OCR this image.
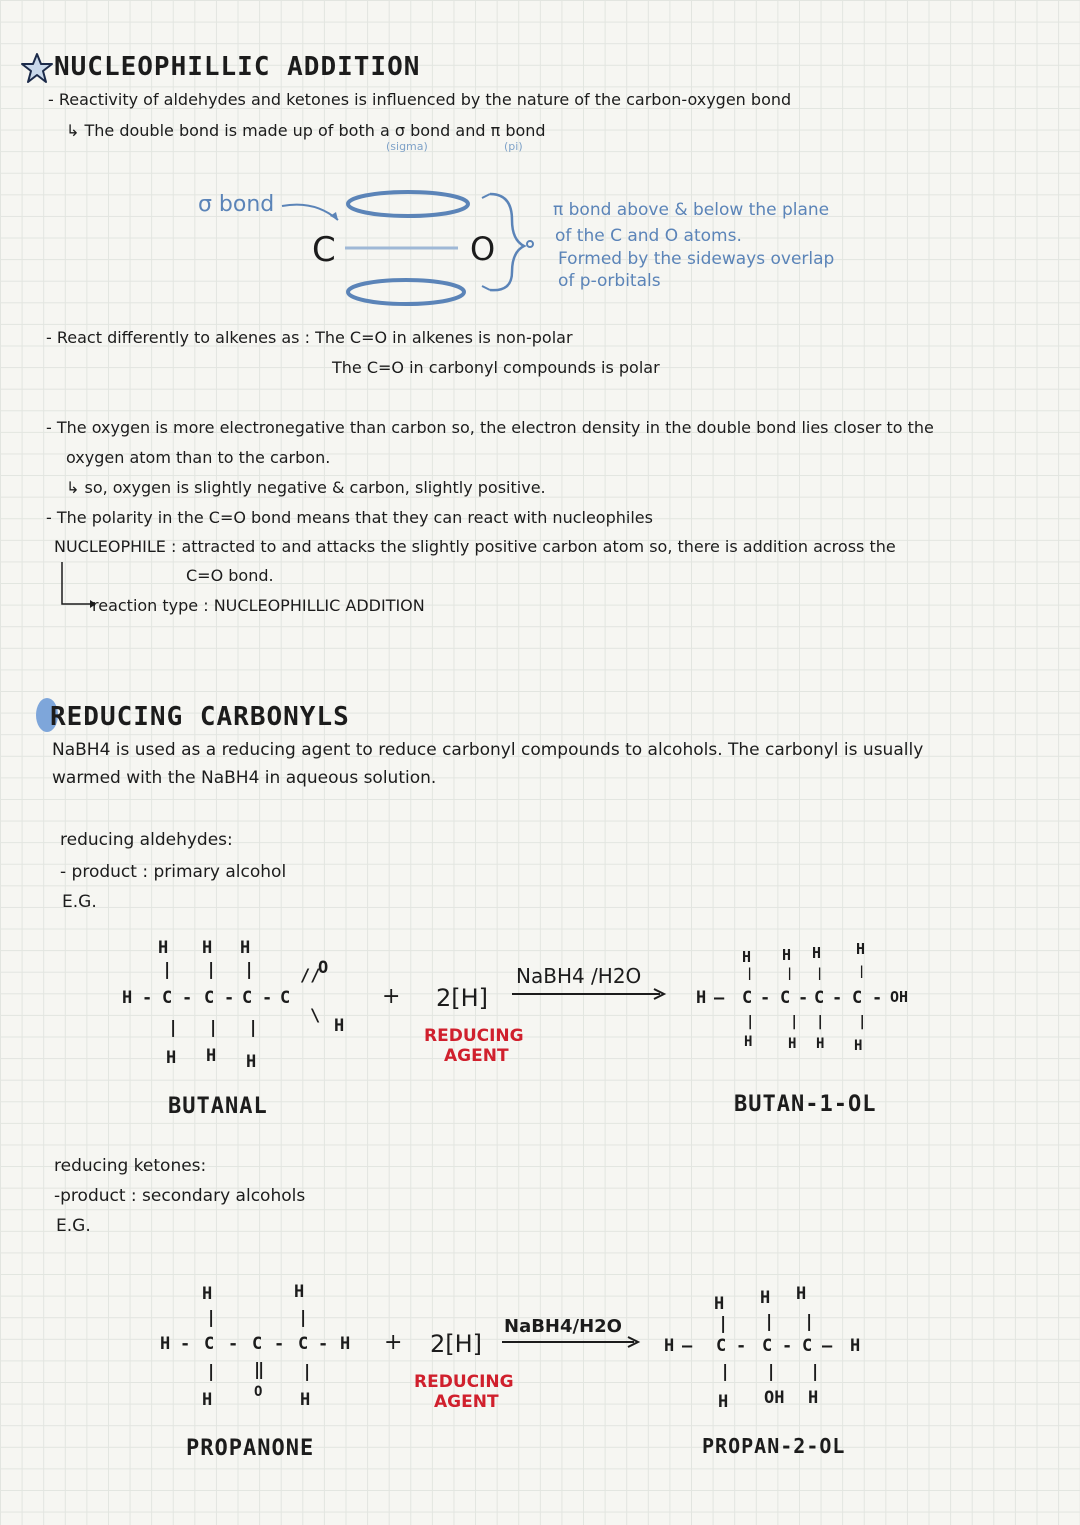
NUCLEOPHILLIC ADDITION
- Reactivity of aldehydes and ketones is influenced by the nature of the carbon-oxygen bond
↳ The double bond is made up of both a σ bond and π bond
(sigma)	(pi)
σ bond
C	O
π bond above & below the plane
of the C and O atoms.
Formed by the sideways overlap
of p-orbitals
- React differently to alkenes as : The C=O in alkenes is non-polar
The C=O in carbonyl compounds is polar
- The oxygen is more electronegative than carbon so, the electron density in the double bond lies closer to the
oxygen atom than to the carbon.
↳ so, oxygen is slightly negative & carbon, slightly positive.
- The polarity in the C=O bond means that they can react with nucleophiles
NUCLEOPHILE : attracted to and attacks the slightly positive carbon atom so, there is addition across the
C=O bond.
reaction type : NUCLEOPHILLIC ADDITION
REDUCING CARBONYLS
NaBH4 is used as a reducing agent to reduce carbonyl compounds to alcohols. The carbonyl is usually
warmed with the NaBH4 in aqueous solution.
reducing aldehydes:
- product : primary alcohol
E.G.
H H H
| | |
H - C - C - C - C
//
O
\ H
| | |
H H H
BUTANAL
+ 2[H]
REDUCING
AGENT
NaBH4 /H2O
H H H H
|	| |	|
H — C - C - C - C - OH
|	| | |
H	H H H
BUTAN-1-OL
reducing ketones:
-product : secondary alcohols
E.G.
H	H
|	|
H - C - C - C - H
| ‖ |
H	O H
PROPANONE
+ 2[H]
REDUCING
AGENT
NaBH4/H2O
H H H
| | |
H — C - C - C — H
| | |
H OH H
PROPAN-2-OL
